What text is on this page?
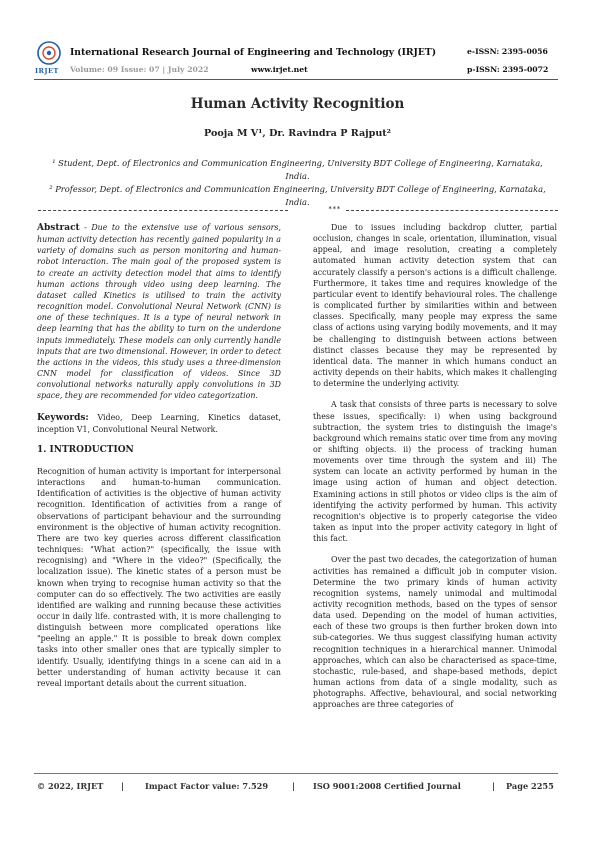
IRJET
International Research Journal of Engineering and Technology (IRJET)
Volume: 09 Issue: 07 | July 2022	www.irjet.net
e-ISSN: 2395-0056
p-ISSN: 2395-0072
Human Activity Recognition
Pooja M V¹, Dr. Ravindra P Rajput²
¹ Student, Dept. of Electronics and Communication Engineering, University BDT College of Engineering, Karnataka, India.
² Professor, Dept. of Electronics and Communication Engineering, University BDT College of Engineering, Karnataka, India.
***

Abstract - Due to the extensive use of various sensors, human activity detection has recently gained popularity in a variety of domains such as person monitoring and human-robot interaction. The main goal of the proposed system is to create an activity detection model that aims to identify human actions through video using deep learning. The dataset called Kinetics is utilised to train the activity recognition model. Convolutional Neural Network (CNN) is one of these techniques. It is a type of neural network in deep learning that has the ability to turn on the underdone inputs immediately. These models can only currently handle inputs that are two dimensional. However, in order to detect the actions in the videos, this study uses a three-dimension CNN model for classification of videos. Since 3D convolutional networks naturally apply convolutions in 3D space, they are recommended for video categorization.

Keywords: Video, Deep Learning, Kinetics dataset, inception V1, Convolutional Neural Network.

1. INTRODUCTION

Recognition of human activity is important for interpersonal interactions and human-to-human communication. Identification of activities is the objective of human activity recognition. Identification of activities from a range of observations of participant behaviour and the surrounding environment is the objective of human activity recognition. There are two key queries across different classification techniques: "What action?" (specifically, the issue with recognising) and "Where in the video?" (Specifically, the localization issue). The kinetic states of a person must be known when trying to recognise human activity so that the computer can do so effectively. The two activities are easily identified are walking and running because these activities occur in daily life. contrasted with, it is more challenging to distinguish between more complicated operations like "peeling an apple." It is possible to break down complex tasks into other smaller ones that are typically simpler to identify. Usually, identifying things in a scene can aid in a better understanding of human activity because it can reveal important details about the current situation.

Due to issues including backdrop clutter, partial occlusion, changes in scale, orientation, illumination, visual appeal, and image resolution, creating a completely automated human activity detection system that can accurately classify a person's actions is a difficult challenge. Furthermore, it takes time and requires knowledge of the particular event to identify behavioural roles. The challenge is complicated further by similarities within and between classes. Specifically, many people may express the same class of actions using varying bodily movements, and it may be challenging to distinguish between actions between distinct classes because they may be represented by identical data. The manner in which humans conduct an activity depends on their habits, which makes it challenging to determine the underlying activity.

A task that consists of three parts is necessary to solve these issues, specifically: i) when using background subtraction, the system tries to distinguish the image's background which remains static over time from any moving or shifting objects. ii) the process of tracking human movements over time through the system and iii) The system can locate an activity performed by human in the image using action of human and object detection. Examining actions in still photos or video clips is the aim of identifying the activity performed by human. This activity recognition's objective is to properly categorise the video taken as input into the proper activity category in light of this fact.

Over the past two decades, the categorization of human activities has remained a difficult job in computer vision. Determine the two primary kinds of human activity recognition systems, namely unimodal and multimodal activity recognition methods, based on the types of sensor data used. Depending on the model of human activities, each of these two groups is then further broken down into sub-categories. We thus suggest classifying human activity recognition techniques in a hierarchical manner. Unimodal approaches, which can also be characterised as space-time, stochastic, rule-based, and shape-based methods, depict human actions from data of a single modality, such as photographs. Affective, behavioural, and social networking approaches are three categories of

© 2022, IRJET |	Impact Factor value: 7.529	| ISO 9001:2008 Certified Journal	| Page 2255
